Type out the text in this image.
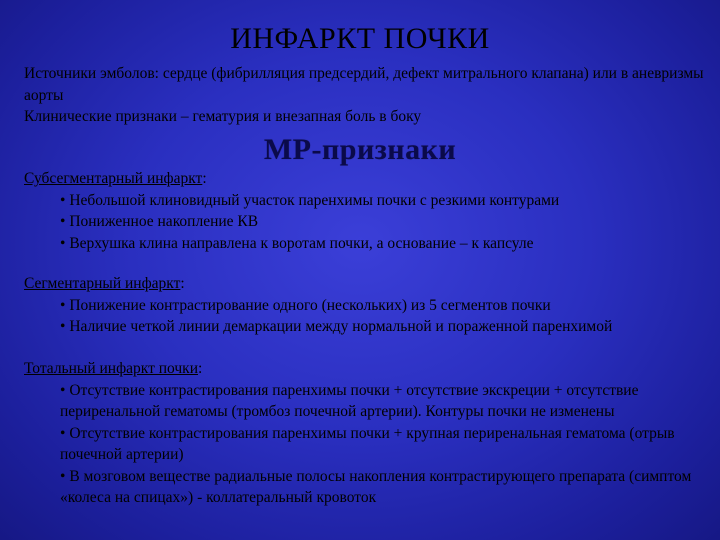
ИНФАРКТ ПОЧКИ

Источники эмболов: сердце (фибрилляция предсердий, дефект митрального клапана) или в аневризмы аорты

Клинические признаки – гематурия и внезапная боль в боку

МР-признаки

Субсегментарный инфаркт:

• Небольшой клиновидный участок паренхимы почки с резкими контурами
• Пониженное накопление КВ
• Верхушка клина направлена к воротам почки, а основание – к капсуле

Сегментарный инфаркт:

• Понижение контрастирование одного (нескольких) из 5 сегментов почки
• Наличие четкой линии демаркации между нормальной и пораженной паренхимой

Тотальный инфаркт почки:

• Отсутствие контрастирования паренхимы почки + отсутствие экскреции + отсутствие периренальной гематомы (тромбоз почечной артерии). Контуры почки не изменены
• Отсутствие контрастирования паренхимы почки + крупная периренальная гематома (отрыв почечной артерии)
• В мозговом веществе радиальные полосы накопления контрастирующего препарата (симптом «колеса на спицах») - коллатеральный кровоток
